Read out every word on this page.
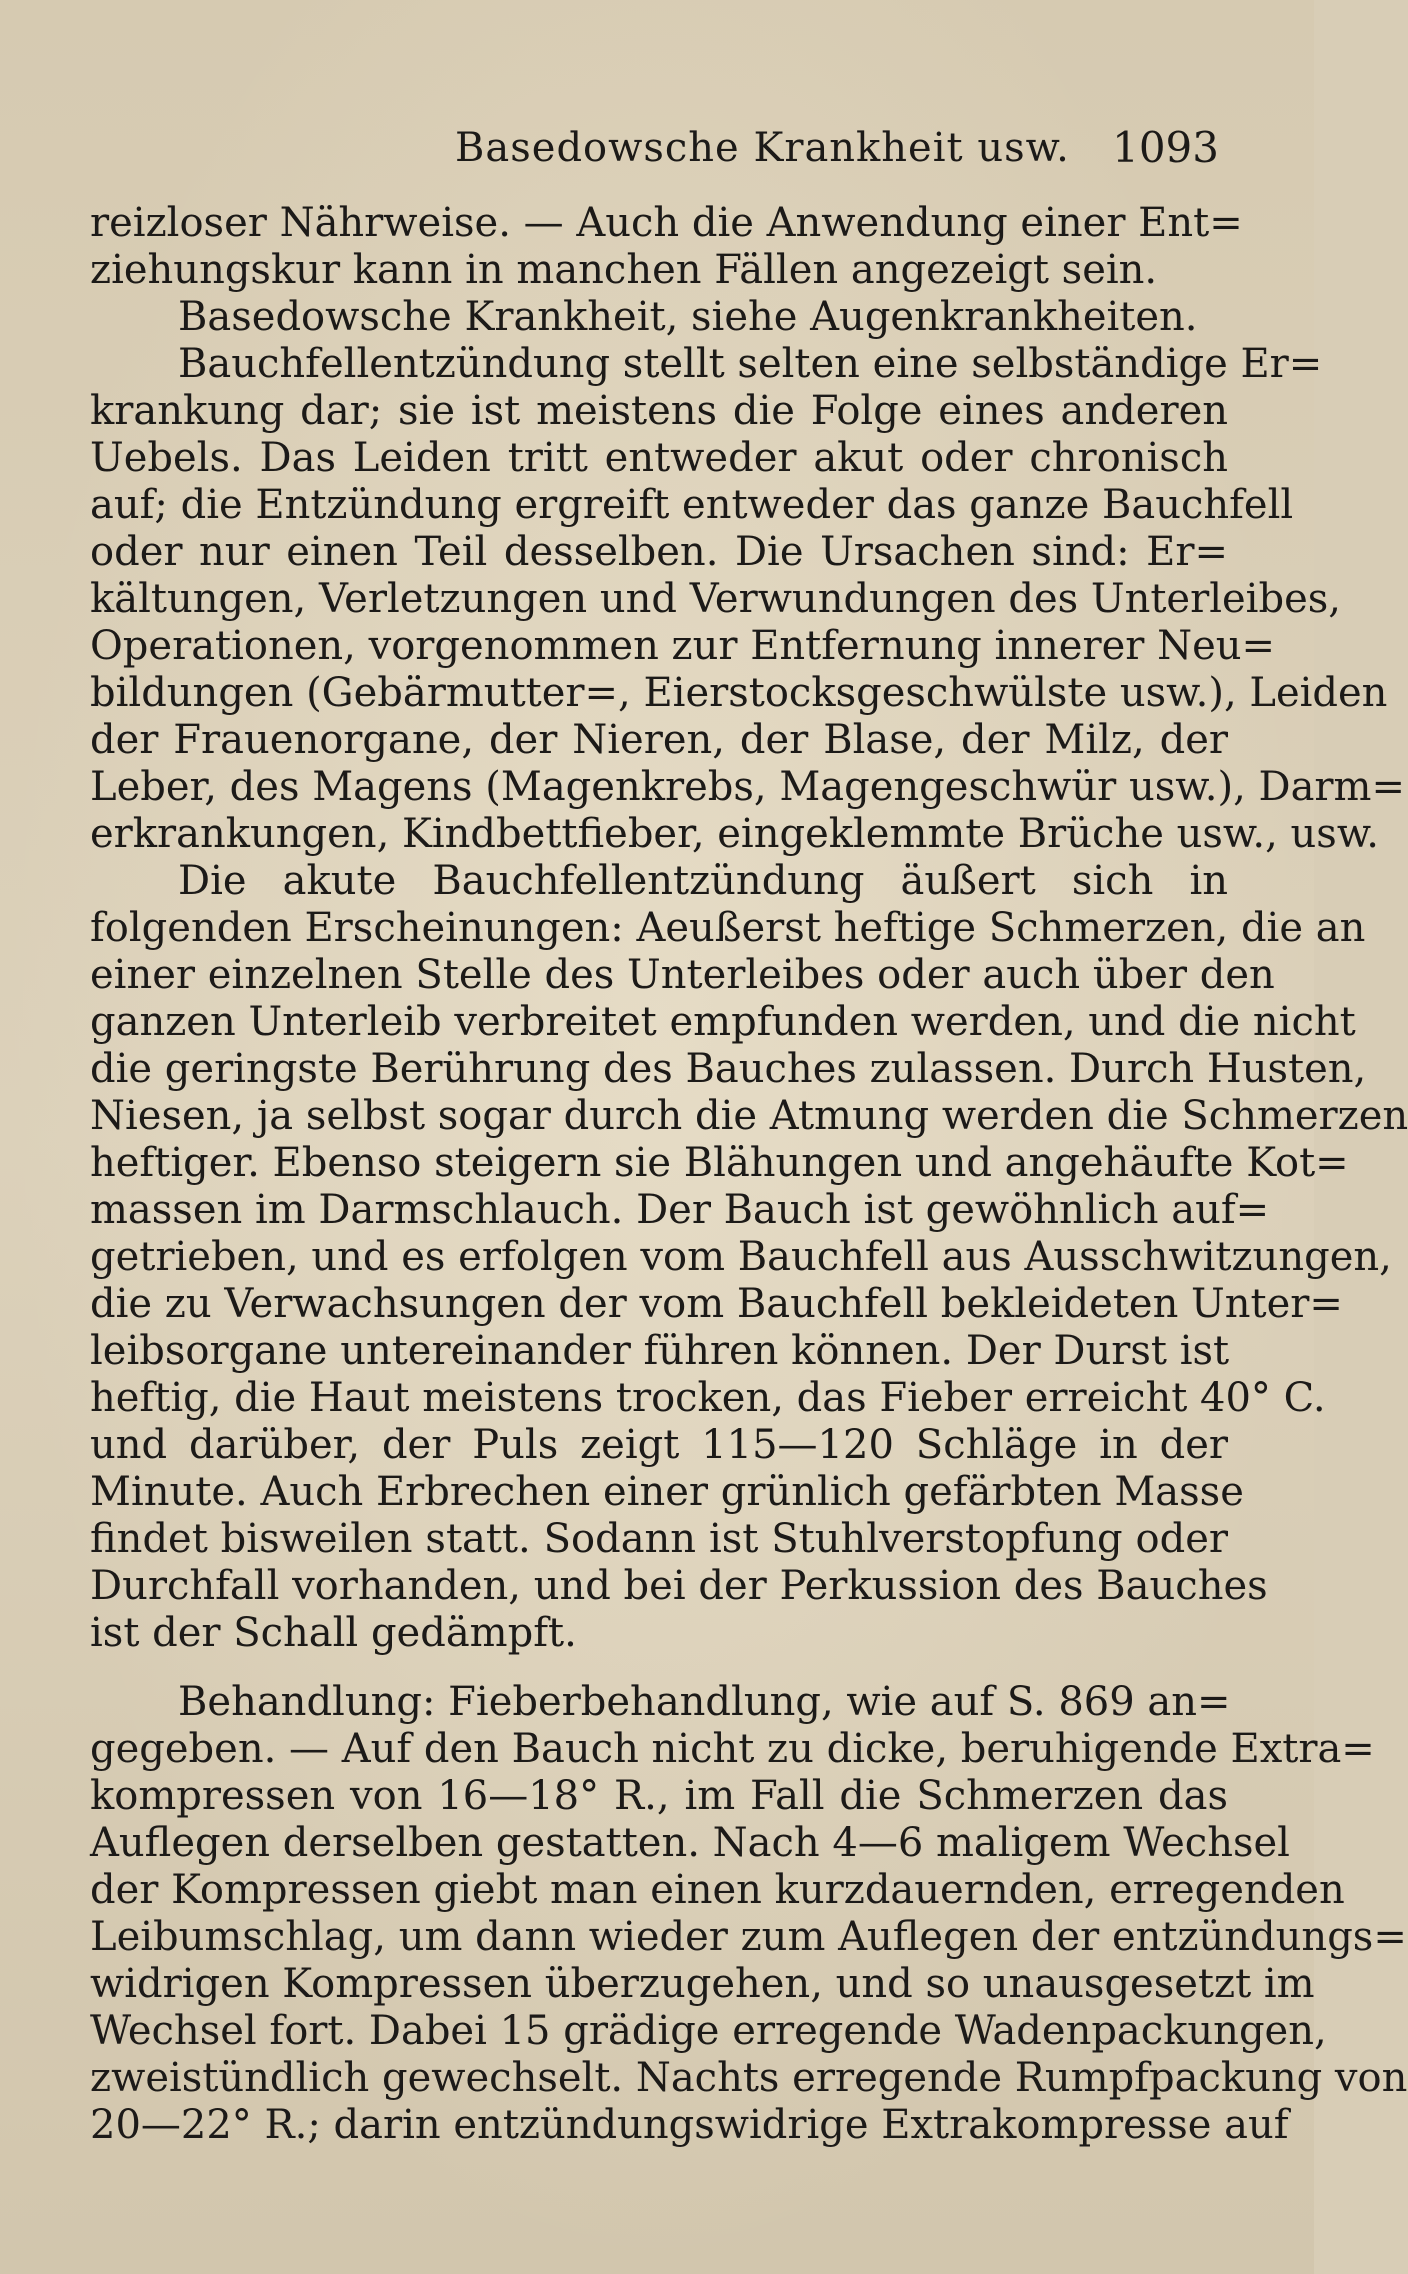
Basedowsche Krankheit usw. 1093
reizloser Nährweise. — Auch die Anwendung einer Ent=
ziehungskur kann in manchen Fällen angezeigt sein.
Basedowsche Krankheit, siehe Augenkrankheiten.
Bauchfellentzündung stellt selten eine selbständige Er=
krankung dar; sie ist meistens die Folge eines anderen
Uebels. Das Leiden tritt entweder akut oder chronisch
auf; die Entzündung ergreift entweder das ganze Bauchfell
oder nur einen Teil desselben. Die Ursachen sind: Er=
kältungen, Verletzungen und Verwundungen des Unterleibes,
Operationen, vorgenommen zur Entfernung innerer Neu=
bildungen (Gebärmutter=, Eierstocksgeschwülste usw.), Leiden
der Frauenorgane, der Nieren, der Blase, der Milz, der
Leber, des Magens (Magenkrebs, Magengeschwür usw.), Darm=
erkrankungen, Kindbettfieber, eingeklemmte Brüche usw., usw.
Die akute Bauchfellentzündung äußert sich in
folgenden Erscheinungen: Aeußerst heftige Schmerzen, die an
einer einzelnen Stelle des Unterleibes oder auch über den
ganzen Unterleib verbreitet empfunden werden, und die nicht
die geringste Berührung des Bauches zulassen. Durch Husten,
Niesen, ja selbst sogar durch die Atmung werden die Schmerzen
heftiger. Ebenso steigern sie Blähungen und angehäufte Kot=
massen im Darmschlauch. Der Bauch ist gewöhnlich auf=
getrieben, und es erfolgen vom Bauchfell aus Ausschwitzungen,
die zu Verwachsungen der vom Bauchfell bekleideten Unter=
leibsorgane untereinander führen können. Der Durst ist
heftig, die Haut meistens trocken, das Fieber erreicht 40° C.
und darüber, der Puls zeigt 115—120 Schläge in der
Minute. Auch Erbrechen einer grünlich gefärbten Masse
findet bisweilen statt. Sodann ist Stuhlverstopfung oder
Durchfall vorhanden, und bei der Perkussion des Bauches
ist der Schall gedämpft.
Behandlung: Fieberbehandlung, wie auf S. 869 an=
gegeben. — Auf den Bauch nicht zu dicke, beruhigende Extra=
kompressen von 16—18° R., im Fall die Schmerzen das
Auflegen derselben gestatten. Nach 4—6 maligem Wechsel
der Kompressen giebt man einen kurzdauernden, erregenden
Leibumschlag, um dann wieder zum Auflegen der entzündungs=
widrigen Kompressen überzugehen, und so unausgesetzt im
Wechsel fort. Dabei 15 grädige erregende Wadenpackungen,
zweistündlich gewechselt. Nachts erregende Rumpfpackung von
20—22° R.; darin entzündungswidrige Extrakompresse auf
